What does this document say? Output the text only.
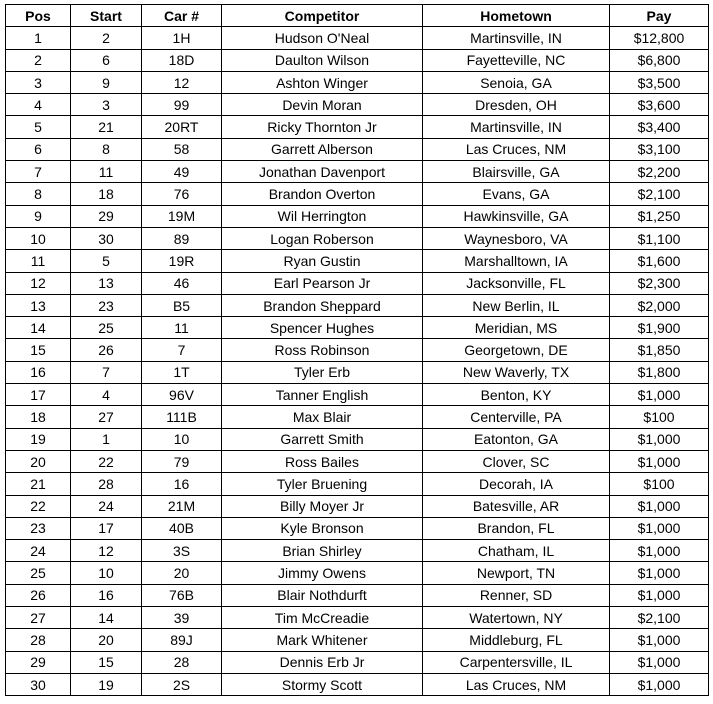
Pos	Start	Car #	Competitor	Hometown	Pay
1	2	1H	Hudson O'Neal	Martinsville, IN	$12,800
2	6	18D	Daulton Wilson	Fayetteville, NC	$6,800
3	9	12	Ashton Winger	Senoia, GA	$3,500
4	3	99	Devin Moran	Dresden, OH	$3,600
5	21	20RT	Ricky Thornton Jr	Martinsville, IN	$3,400
6	8	58	Garrett Alberson	Las Cruces, NM	$3,100
7	11	49	Jonathan Davenport	Blairsville, GA	$2,200
8	18	76	Brandon Overton	Evans, GA	$2,100
9	29	19M	Wil Herrington	Hawkinsville, GA	$1,250
10	30	89	Logan Roberson	Waynesboro, VA	$1,100
11	5	19R	Ryan Gustin	Marshalltown, IA	$1,600
12	13	46	Earl Pearson Jr	Jacksonville, FL	$2,300
13	23	B5	Brandon Sheppard	New Berlin, IL	$2,000
14	25	11	Spencer Hughes	Meridian, MS	$1,900
15	26	7	Ross Robinson	Georgetown, DE	$1,850
16	7	1T	Tyler Erb	New Waverly, TX	$1,800
17	4	96V	Tanner English	Benton, KY	$1,000
18	27	111B	Max Blair	Centerville, PA	$100
19	1	10	Garrett Smith	Eatonton, GA	$1,000
20	22	79	Ross Bailes	Clover, SC	$1,000
21	28	16	Tyler Bruening	Decorah, IA	$100
22	24	21M	Billy Moyer Jr	Batesville, AR	$1,000
23	17	40B	Kyle Bronson	Brandon, FL	$1,000
24	12	3S	Brian Shirley	Chatham, IL	$1,000
25	10	20	Jimmy Owens	Newport, TN	$1,000
26	16	76B	Blair Nothdurft	Renner, SD	$1,000
27	14	39	Tim McCreadie	Watertown, NY	$2,100
28	20	89J	Mark Whitener	Middleburg, FL	$1,000
29	15	28	Dennis Erb Jr	Carpentersville, IL	$1,000
30	19	2S	Stormy Scott	Las Cruces, NM	$1,000
